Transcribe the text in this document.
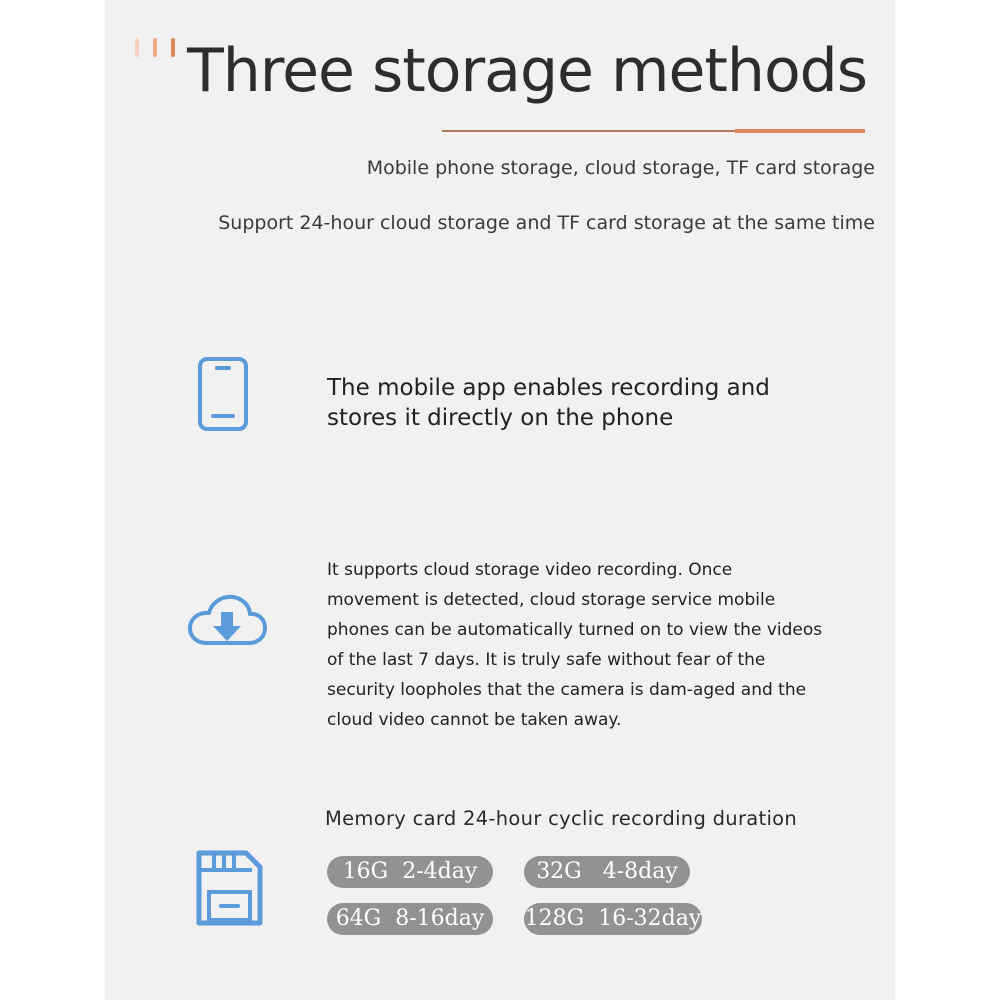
Three storage methods
Mobile phone storage, cloud storage, TF card storage
Support 24-hour cloud storage and TF card storage at the same time
The mobile app enables recording and stores it directly on the phone
It supports cloud storage video recording. Once movement is detected, cloud storage service mobile phones can be automatically turned on to view the videos of the last 7 days. It is truly safe without fear of the security loopholes that the camera is dam-aged and the cloud video cannot be taken away.
Memory card 24-hour cyclic recording duration
16G  2-4day	32G   4-8day
64G  8-16day	128G  16-32day
